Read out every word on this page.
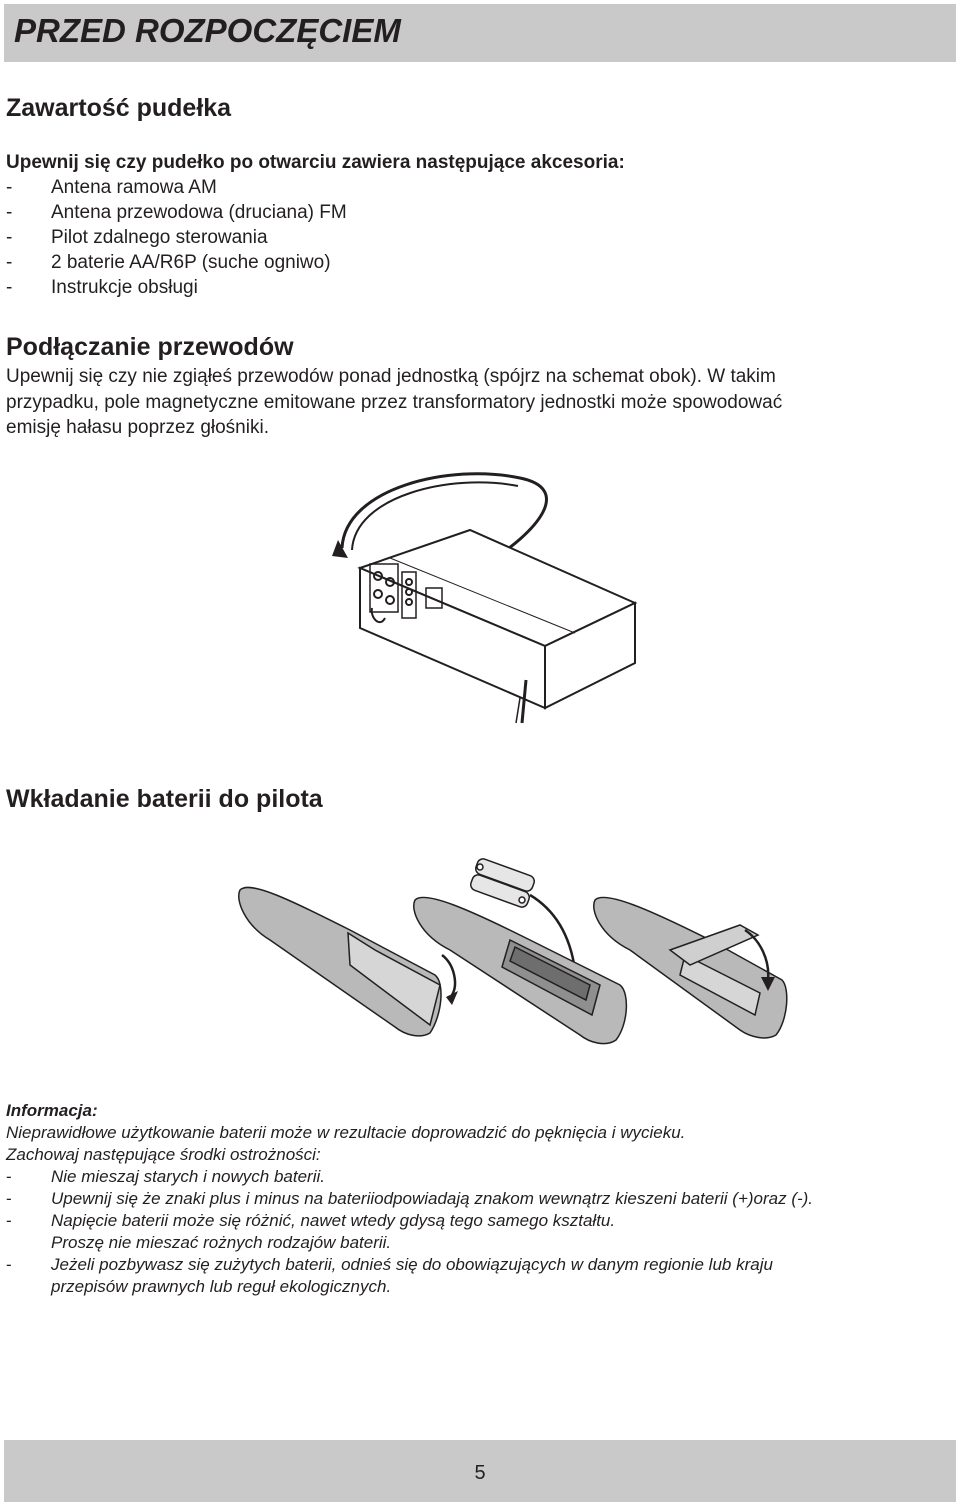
PRZED ROZPOCZĘCIEM
Zawartość pudełka

Upewnij się czy pudełko po otwarciu zawiera następujące akcesoria:

- Antena ramowa AM
- Antena przewodowa (druciana) FM
- Pilot zdalnego sterowania
- 2 baterie AA/R6P (suche ogniwo)
- Instrukcje obsługi
Podłączanie przewodów
Upewnij się czy nie zgiąłeś przewodów ponad jednostką (spójrz na schemat obok). W takim
przypadku, pole magnetyczne emitowane przez transformatory jednostki może spowodować
emisję hałasu poprzez głośniki.
Wkładanie baterii do pilota
Informacja:
Nieprawidłowe użytkowanie baterii może w rezultacie doprowadzić do pęknięcia i wycieku.
Zachowaj następujące środki ostrożności:
- Nie mieszaj starych i nowych baterii.
- Upewnij się że znaki plus i minus na bateriiodpowiadają znakom wewnątrz kieszeni baterii (+)oraz (-).
- Napięcie baterii może się różnić, nawet wtedy gdysą tego samego kształtu.
Proszę nie mieszać rożnych rodzajów baterii.
- Jeżeli pozbywasz się zużytych baterii, odnieś się do obowiązujących w danym regionie lub kraju
przepisów prawnych lub reguł ekologicznych.
5
